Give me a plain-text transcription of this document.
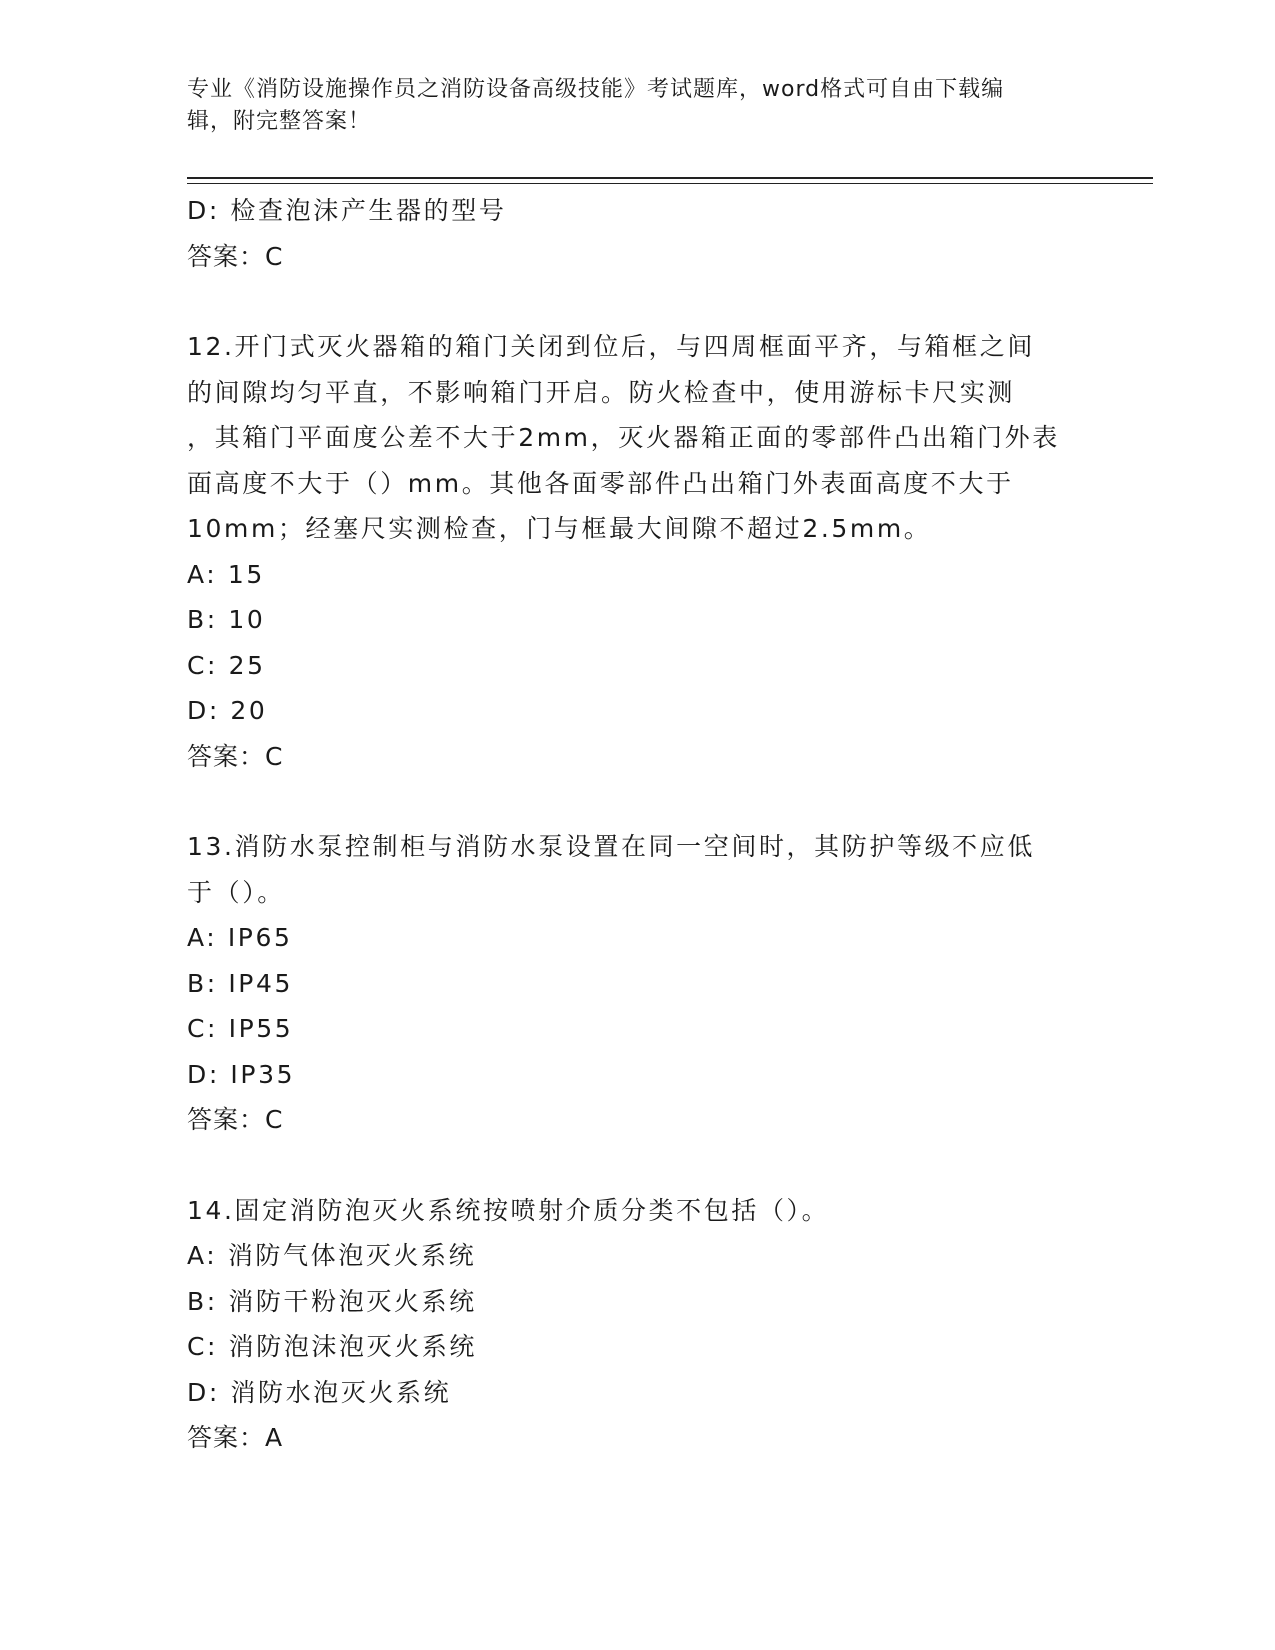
专业《消防设施操作员之消防设备高级技能》考试题库，word格式可自由下载编
辑，附完整答案！
D: 检查泡沫产生器的型号
答案：C
12.开门式灭火器箱的箱门关闭到位后，与四周框面平齐，与箱框之间
的间隙均匀平直，不影响箱门开启。防火检查中，使用游标卡尺实测
，其箱门平面度公差不大于2mm，灭火器箱正面的零部件凸出箱门外表
面高度不大于（）mm。其他各面零部件凸出箱门外表面高度不大于
10mm；经塞尺实测检查，门与框最大间隙不超过2.5mm。
A: 15
B: 10
C: 25
D: 20
答案：C
13.消防水泵控制柜与消防水泵设置在同一空间时，其防护等级不应低
于（）。
A: IP65
B: IP45
C: IP55
D: IP35
答案：C
14.固定消防泡灭火系统按喷射介质分类不包括（）。
A: 消防气体泡灭火系统
B: 消防干粉泡灭火系统
C: 消防泡沫泡灭火系统
D: 消防水泡灭火系统
答案：A
